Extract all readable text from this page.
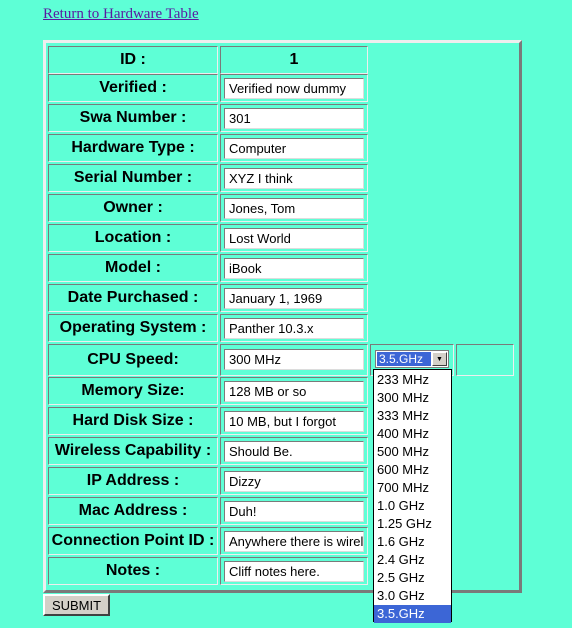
Return to Hardware Table
ID :	1
Verified :
Verified now dummy
Swa Number :
301
Hardware Type :
Computer
Serial Number :
XYZ I think
Owner :
Jones, Tom
Location :
Lost World
Model :
iBook
Date Purchased :
January 1, 1969
Operating System :
Panther 10.3.x
CPU Speed:
300 MHz
Memory Size:
128 MB or so
Hard Disk Size :
10 MB, but I forgot
Wireless Capability :
Should Be.
IP Address :
Dizzy
Mac Address :
Duh!
Connection Point ID :
Anywhere there is wireless
Notes :
Cliff notes here.
3.5.GHz	▼
233 MHz
300 MHz
333 MHz
400 MHz
500 MHz
600 MHz
700 MHz
1.0 GHz
1.25 GHz
1.6 GHz
2.4 GHz
2.5 GHz
3.0 GHz
3.5.GHz
SUBMIT
